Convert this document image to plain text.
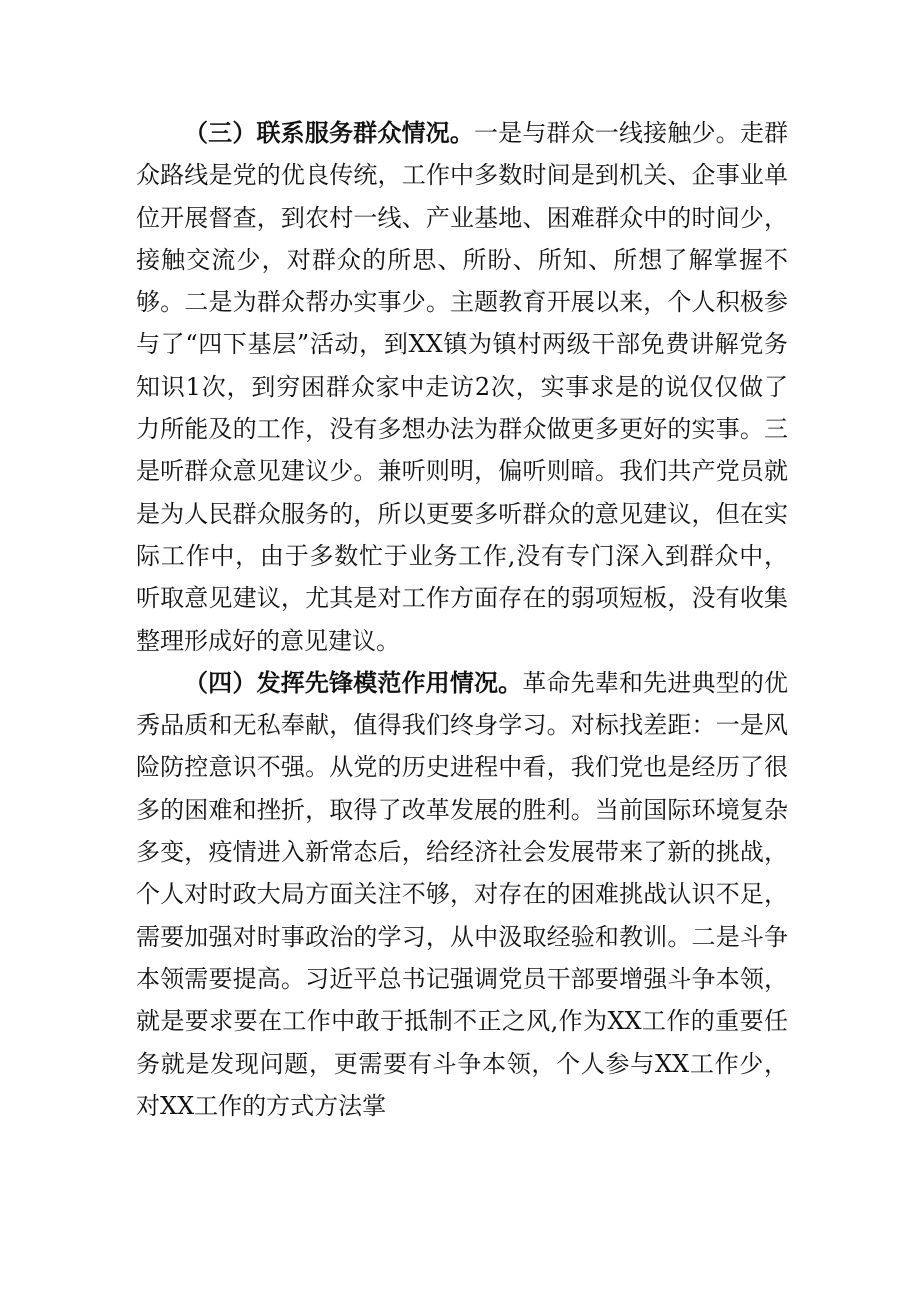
（三）联系服务群众情况。一是与群众一线接触少。走群众路线是党的优良传统，工作中多数时间是到机关、企事业单位开展督查，到农村一线、产业基地、困难群众中的时间少，接触交流少，对群众的所思、所盼、所知、所想了解掌握不够。二是为群众帮办实事少。主题教育开展以来，个人积极参与了“四下基层”活动，到XX镇为镇村两级干部免费讲解党务知识1次，到穷困群众家中走访2次，实事求是的说仅仅做了力所能及的工作，没有多想办法为群众做更多更好的实事。三是听群众意见建议少。兼听则明，偏听则暗。我们共产党员就是为人民群众服务的，所以更要多听群众的意见建议，但在实际工作中，由于多数忙于业务工作,没有专门深入到群众中，听取意见建议，尤其是对工作方面存在的弱项短板，没有收集整理形成好的意见建议。

（四）发挥先锋模范作用情况。革命先辈和先进典型的优秀品质和无私奉献，值得我们终身学习。对标找差距：一是风险防控意识不强。从党的历史进程中看，我们党也是经历了很多的困难和挫折，取得了改革发展的胜利。当前国际环境复杂多变，疫情进入新常态后，给经济社会发展带来了新的挑战，个人对时政大局方面关注不够，对存在的困难挑战认识不足，需要加强对时事政治的学习，从中汲取经验和教训。二是斗争本领需要提高。习近平总书记强调党员干部要增强斗争本领，就是要求要在工作中敢于抵制不正之风,作为XX工作的重要任务就是发现问题，更需要有斗争本领，个人参与XX工作少，对XX工作的方式方法掌
